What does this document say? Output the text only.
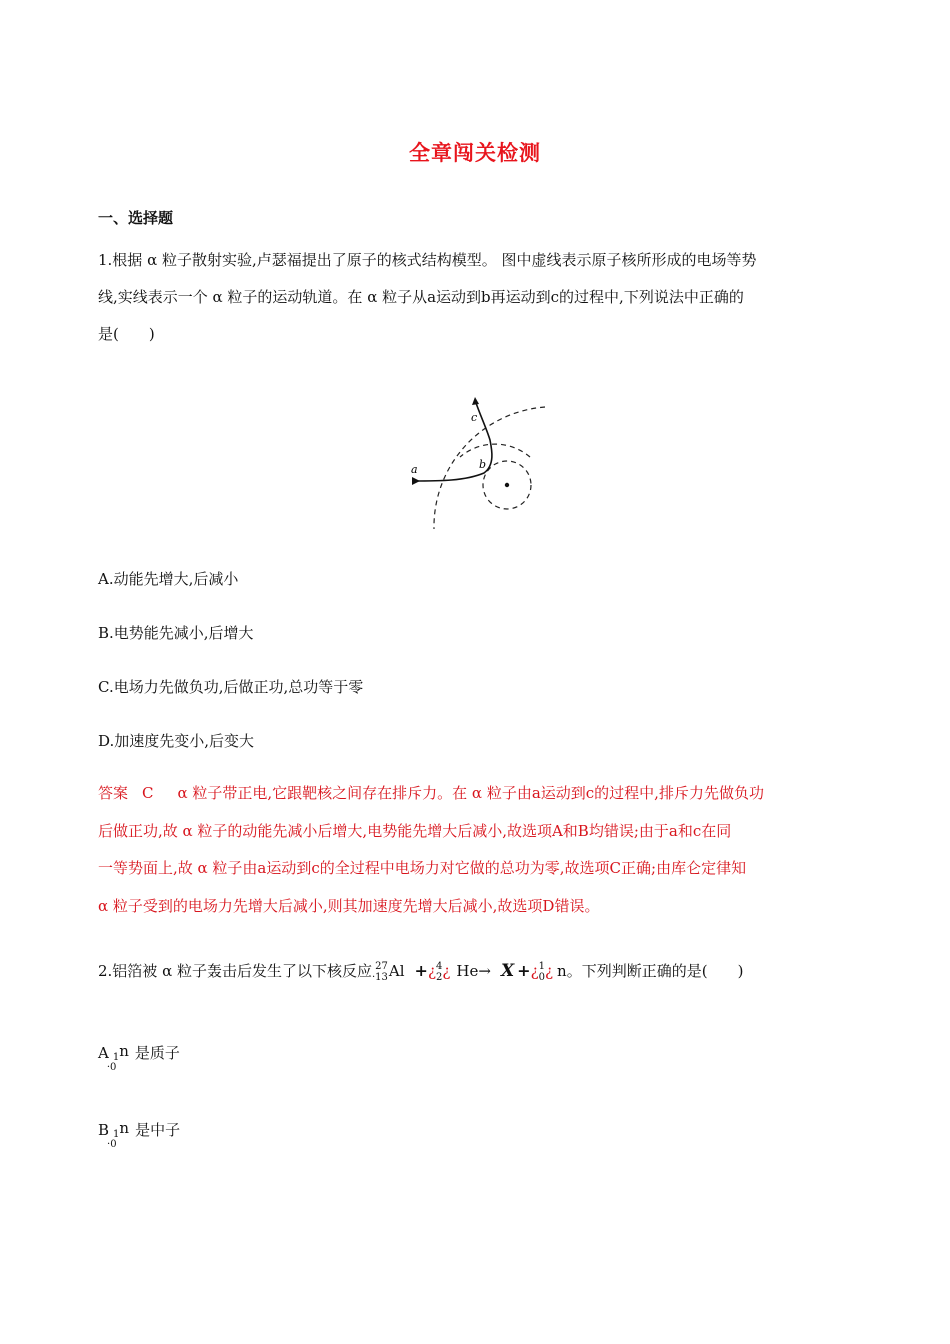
全章闯关检测
一、选择题
1.根据 α 粒子散射实验,卢瑟福提出了原子的核式结构模型。 图中虚线表示原子核所形成的电场等势
线,实线表示一个 α 粒子的运动轨道。在 α 粒子从a运动到b再运动到c的过程中,下列说法中正确的
是(　　)
a	b
c
A.动能先增大,后减小
B.电势能先减小,后增大
C.电场力先做负功,后做正功,总功等于零
D.加速度先变小,后变大
答案 C α 粒子带正电,它跟靶核之间存在排斥力。在 α 粒子由a运动到c的过程中,排斥力先做负功
后做正功,故 α 粒子的动能先减小后增大,电势能先增大后减小,故选项A和B均错误;由于a和c在同
一等势面上,故 α 粒子由a运动到c的全过程中电场力对它做的总功为零,故选项C正确;由库仑定律知
α 粒子受到的电场力先增大后减小,则其加速度先增大后减小,故选项D错误。
2.铝箔被 α 粒子轰击后发生了以下核反应 27
·13 Al +¿ 4
2 ¿ He→ X +¿ 1
0 ¿ n。下列判断正确的是(　　)
A $_1$n
·0
是质子
B $_1$n
·0
是中子
